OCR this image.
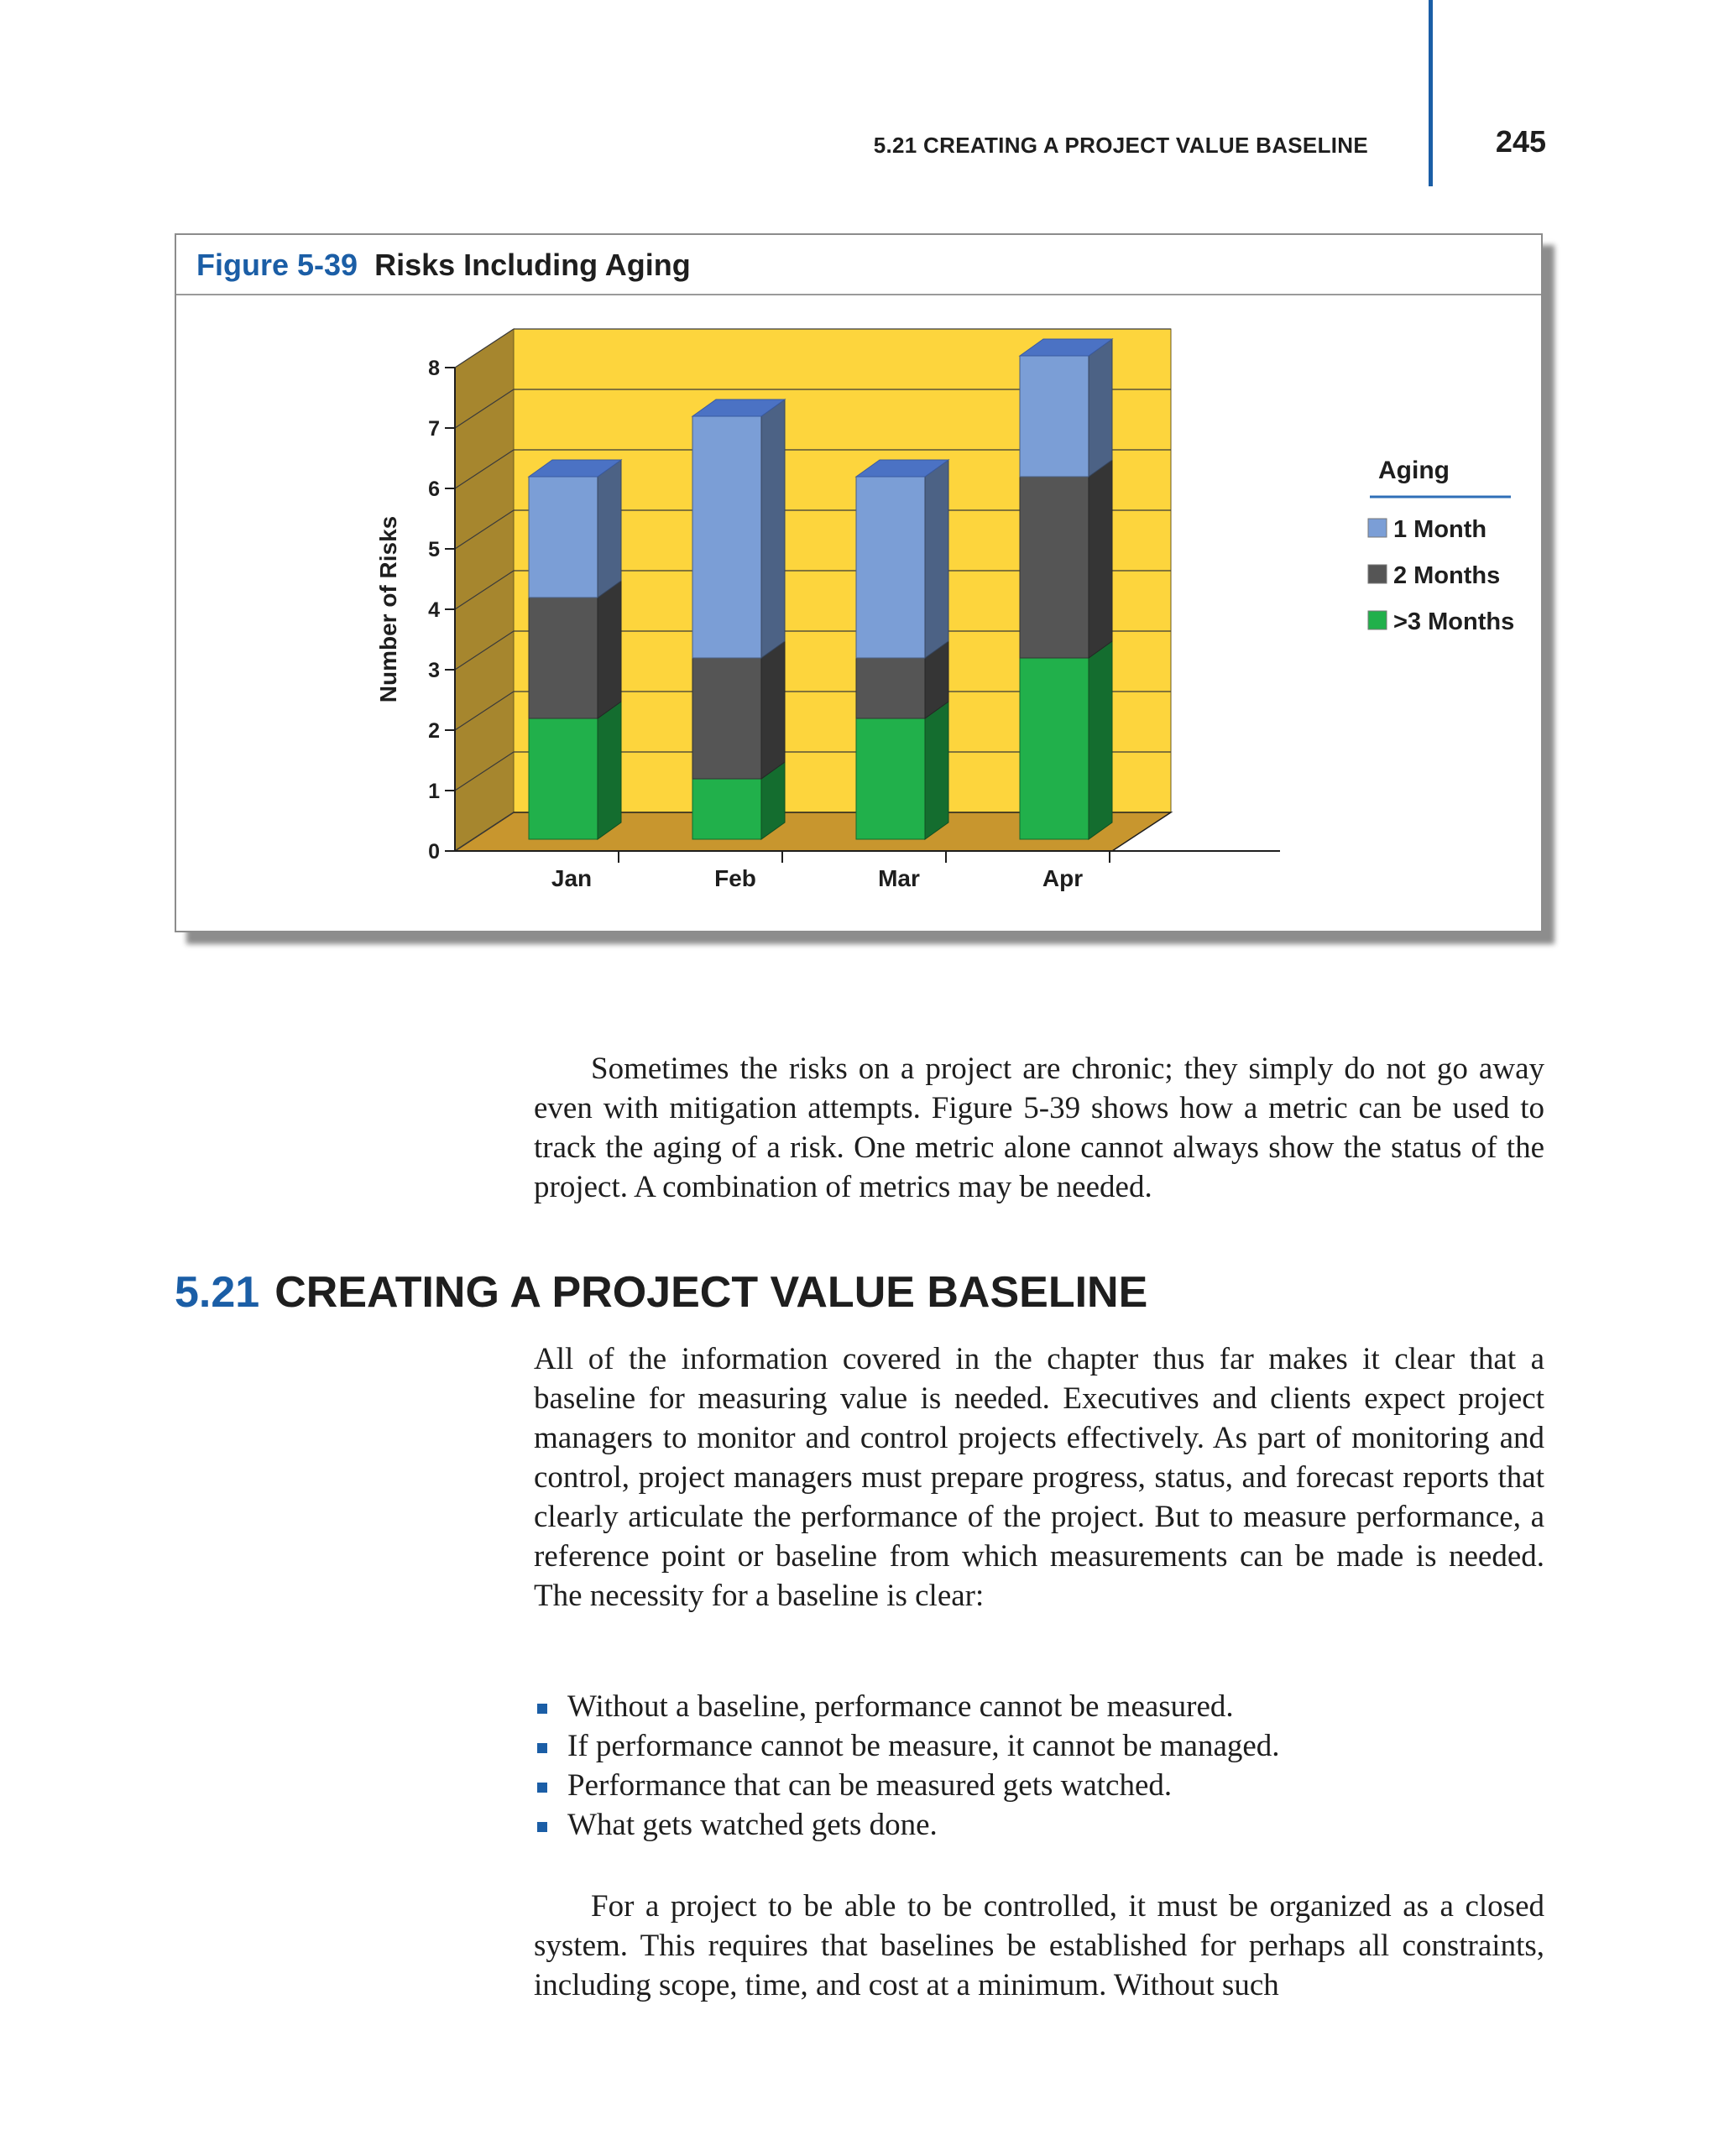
5.21 CREATING A PROJECT VALUE BASELINE	245
Figure 5-39 Risks Including Aging
0
1
2
3
4
5
6
7
8
Number of Risks
Jan	Feb	Mar	Apr
Aging
1 Month
2 Months
>3 Months

Sometimes the risks on a project are chronic; they simply do not go away even with mitigation attempts. Figure 5-39 shows how a metric can be used to track the aging of a risk. One metric alone cannot always show the status of the project. A combination of metrics may be needed.

5.21 CREATING A PROJECT VALUE BASELINE

All of the information covered in the chapter thus far makes it clear that a baseline for measuring value is needed. Executives and clients expect project managers to monitor and control projects effectively. As part of monitoring and control, project managers must prepare progress, status, and forecast reports that clearly articulate the performance of the project. But to measure performance, a reference point or baseline from which measurements can be made is needed. The necessity for a baseline is clear:

Without a baseline, performance cannot be measured.
If performance cannot be measure, it cannot be managed.
Performance that can be measured gets watched.
What gets watched gets done.

For a project to be able to be controlled, it must be organized as a closed system. This requires that baselines be established for perhaps all constraints, including scope, time, and cost at a minimum. Without such
